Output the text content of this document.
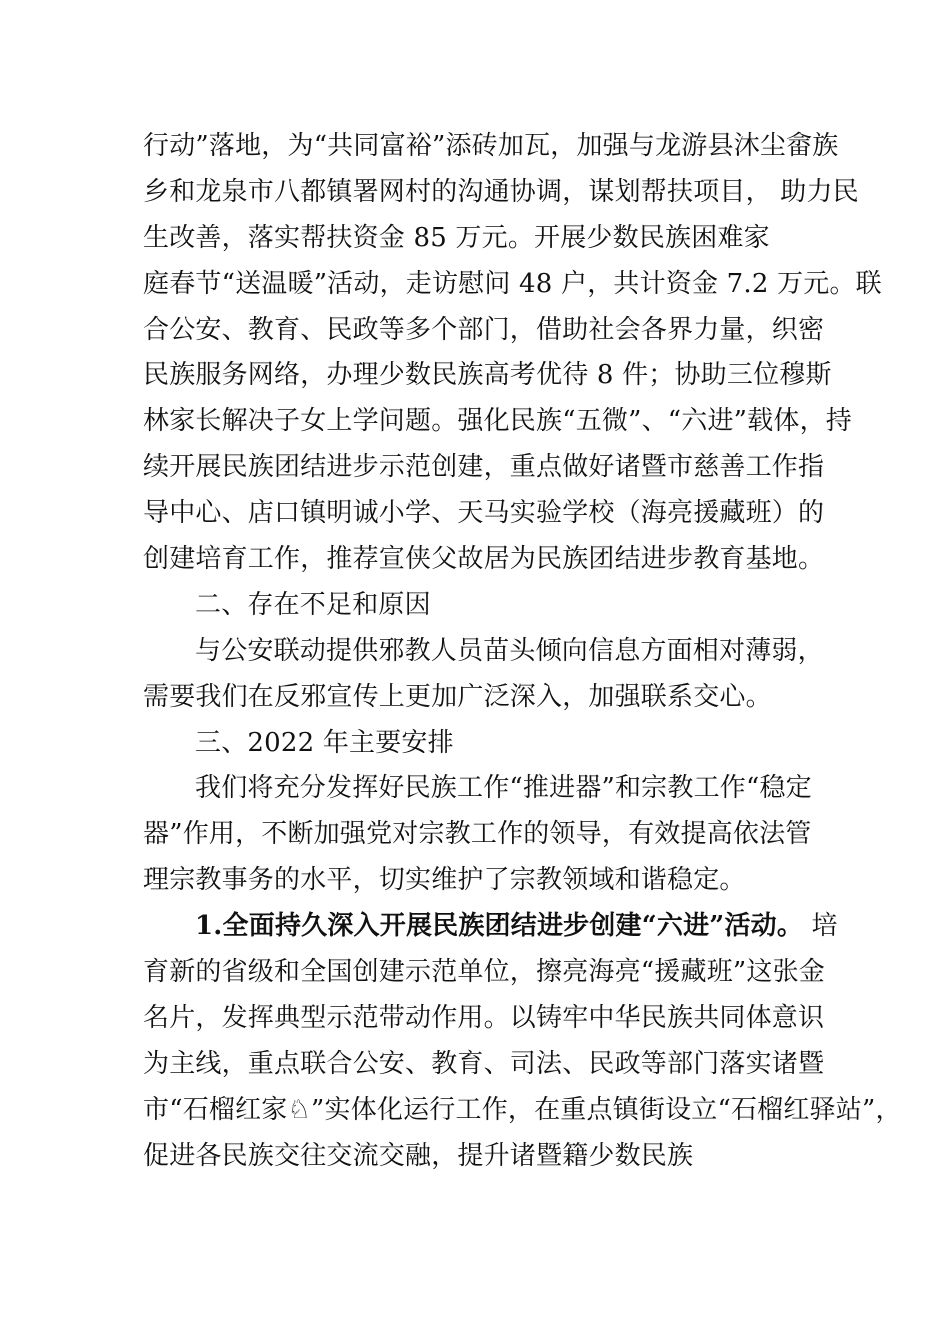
行动”落地，为“共同富裕”添砖加瓦，加强与龙游县沐尘畲族
乡和龙泉市八都镇署网村的沟通协调，谋划帮扶项目， 助力民
生改善，落实帮扶资金 85 万元。开展少数民族困难家
庭春节“送温暖”活动，走访慰问 48 户，共计资金 7.2 万元。联
合公安、教育、民政等多个部门，借助社会各界力量，织密
民族服务网络，办理少数民族高考优待 8 件；协助三位穆斯
林家长解决子女上学问题。强化民族“五微”、“六进”载体，持
续开展民族团结进步示范创建，重点做好诸暨市慈善工作指
导中心、店口镇明诚小学、天马实验学校（海亮援藏班）的
创建培育工作，推荐宣侠父故居为民族团结进步教育基地。
二、存在不足和原因
与公安联动提供邪教人员苗头倾向信息方面相对薄弱，
需要我们在反邪宣传上更加广泛深入，加强联系交心。
三、2022 年主要安排
我们将充分发挥好民族工作“推进器”和宗教工作“稳定
器”作用，不断加强党对宗教工作的领导，有效提高依法管
理宗教事务的水平，切实维护了宗教领域和谐稳定。
1.全面持久深入开展民族团结进步创建“六进”活动。 培
育新的省级和全国创建示范单位，擦亮海亮“援藏班”这张金
名片，发挥典型示范带动作用。以铸牢中华民族共同体意识
为主线，重点联合公安、教育、司法、民政等部门落实诸暨
市“石榴红家♘”实体化运行工作，在重点镇街设立“石榴红驿站”，
促进各民族交往交流交融，提升诸暨籍少数民族
